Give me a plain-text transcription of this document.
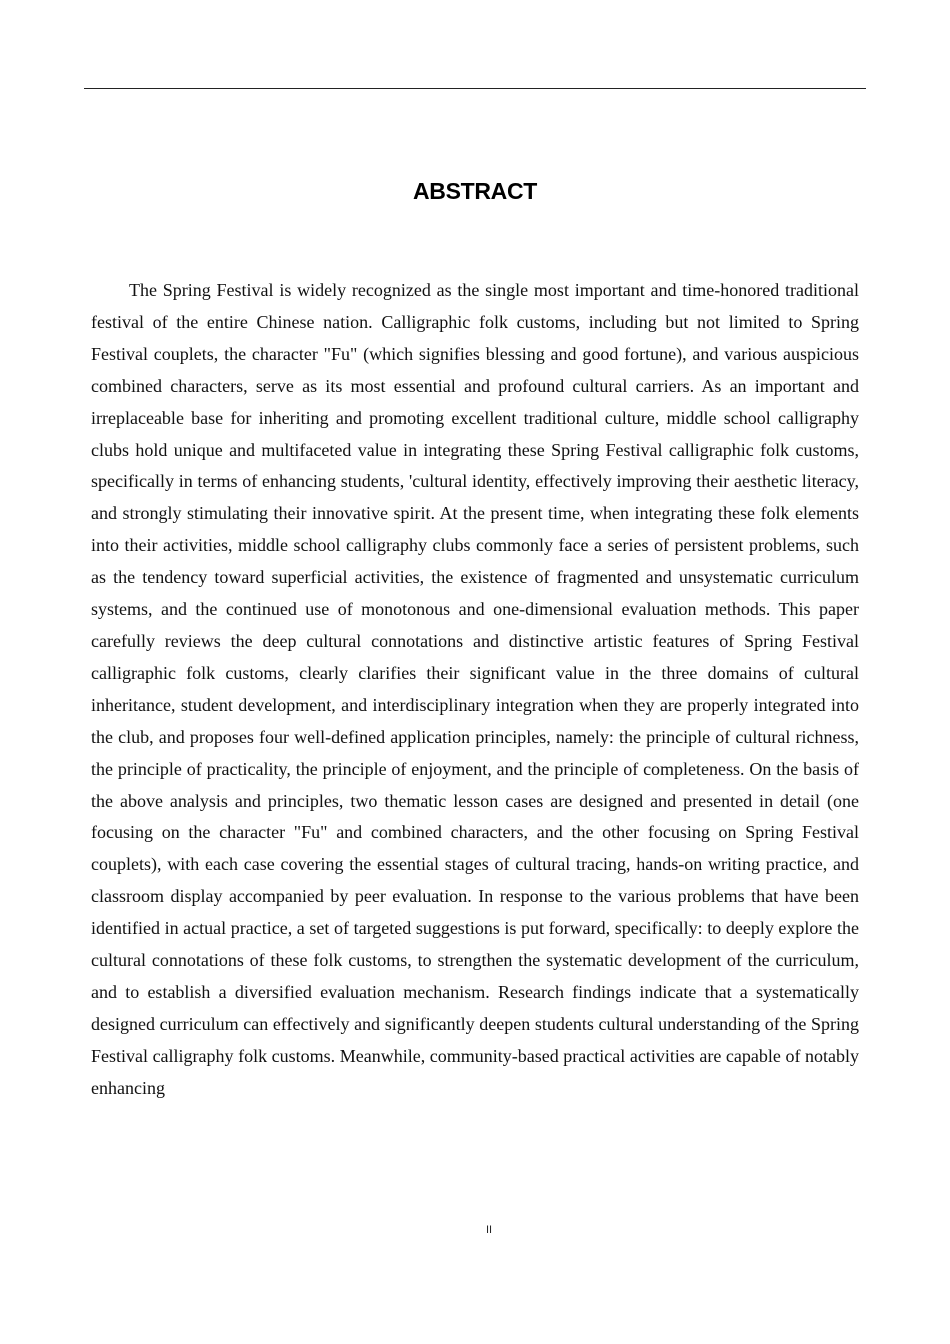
ABSTRACT

The Spring Festival is widely recognized as the single most important and time-honored traditional festival of the entire Chinese nation. Calligraphic folk customs, including but not limited to Spring Festival couplets, the character "Fu" (which signifies blessing and good fortune), and various auspicious combined characters, serve as its most essential and profound cultural carriers. As an important and irreplaceable base for inheriting and promoting excellent traditional culture, middle school calligraphy clubs hold unique and multifaceted value in integrating these Spring Festival calligraphic folk customs, specifically in terms of enhancing students, 'cultural identity, effectively improving their aesthetic literacy, and strongly stimulating their innovative spirit. At the present time, when integrating these folk elements into their activities, middle school calligraphy clubs commonly face a series of persistent problems, such as the tendency toward superficial activities, the existence of fragmented and unsystematic curriculum systems, and the continued use of monotonous and one-dimensional evaluation methods. This paper carefully reviews the deep cultural connotations and distinctive artistic features of Spring Festival calligraphic folk customs, clearly clarifies their significant value in the three domains of cultural inheritance, student development, and interdisciplinary integration when they are properly integrated into the club, and proposes four well-defined application principles, namely: the principle of cultural richness, the principle of practicality, the principle of enjoyment, and the principle of completeness. On the basis of the above analysis and principles, two thematic lesson cases are designed and presented in detail (one focusing on the character "Fu" and combined characters, and the other focusing on Spring Festival couplets), with each case covering the essential stages of cultural tracing, hands-on writing practice, and classroom display accompanied by peer evaluation. In response to the various problems that have been identified in actual practice, a set of targeted suggestions is put forward, specifically: to deeply explore the cultural connotations of these folk customs, to strengthen the systematic development of the curriculum, and to establish a diversified evaluation mechanism. Research findings indicate that a systematically designed curriculum can effectively and significantly deepen students cultural understanding of the Spring Festival calligraphy folk customs. Meanwhile, community-based practical activities are capable of notably enhancing

II
